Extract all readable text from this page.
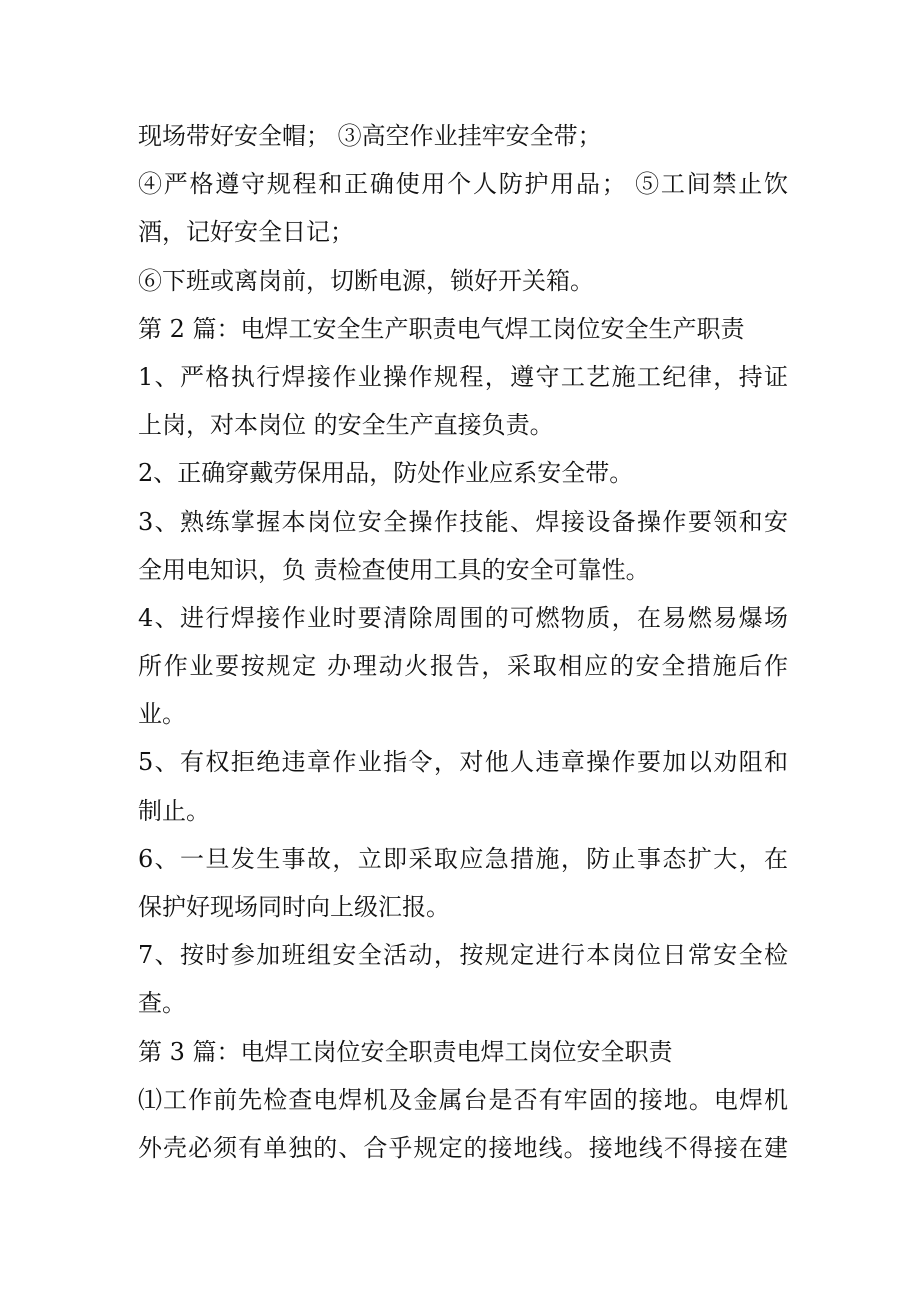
现场带好安全帽； ③高空作业挂牢安全带；
④严格遵守规程和正确使用个人防护用品； ⑤工间禁止饮
酒，记好安全日记；
⑥下班或离岗前，切断电源，锁好开关箱。
第 2 篇：电焊工安全生产职责电气焊工岗位安全生产职责
1、严格执行焊接作业操作规程，遵守工艺施工纪律，持证
上岗，对本岗位 的安全生产直接负责。
2、正确穿戴劳保用品，防处作业应系安全带。
3、熟练掌握本岗位安全操作技能、焊接设备操作要领和安
全用电知识，负 责检查使用工具的安全可靠性。
4、进行焊接作业时要清除周围的可燃物质，在易燃易爆场
所作业要按规定 办理动火报告，采取相应的安全措施后作
业。
5、有权拒绝违章作业指令，对他人违章操作要加以劝阻和
制止。
6、一旦发生事故，立即采取应急措施，防止事态扩大，在
保护好现场同时向上级汇报。
7、按时参加班组安全活动，按规定进行本岗位日常安全检
查。
第 3 篇：电焊工岗位安全职责电焊工岗位安全职责
⑴工作前先检查电焊机及金属台是否有牢固的接地。电焊机
外壳必须有单独的、合乎规定的接地线。接地线不得接在建
